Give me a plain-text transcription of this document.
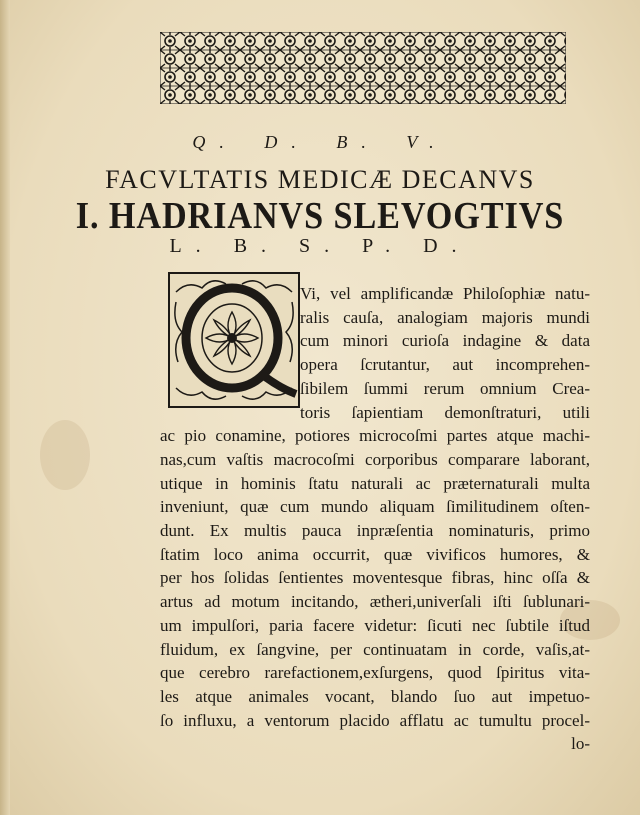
Q. D. B. V.
FACVLTATIS MEDICÆ DECANVS
I. HADRIANVS SLEVOGTIVS
L. B. S. P. D.
Vi, vel amplificandæ Philoſophiæ natu-
ralis cauſa, analogiam majoris mundi
cum minori curioſa indagine & data
opera ſcrutantur, aut incomprehen-
ſibilem ſummi rerum omnium Crea-
toris ſapientiam demonſtraturi, utili
ac pio conamine, potiores microcoſmi partes atque machi-
nas,cum vaſtis macrocoſmi corporibus comparare laborant,
utique in hominis ſtatu naturali ac præternaturali multa
inveniunt, quæ cum mundo aliquam ſimilitudinem oſten-
dunt. Ex multis pauca inpræſentia nominaturis, primo
ſtatim loco anima occurrit, quæ vivificos humores, &
per hos ſolidas ſentientes moventesque fibras, hinc oſſa &
artus ad motum incitando, ætheri,univerſali iſti ſublunari-
um impulſori, paria facere videtur: ſicuti nec ſubtile iſtud
fluidum, ex ſangvine, per continuatam in corde, vaſis,at-
que cerebro rarefactionem,exſurgens, quod ſpiritus vita-
les atque animales vocant, blando ſuo aut impetuo-
ſo influxu, a ventorum placido afflatu ac tumultu procel-
lo-
